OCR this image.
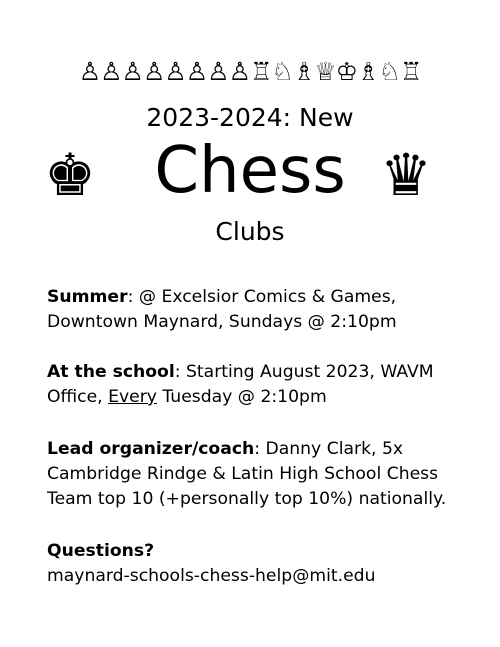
♙♙♙♙♙♙♙♙♖♘♗♕♔♗♘♖
2023-2024: New
♚ Chess ♛
Clubs

Summer: @ Excelsior Comics & Games, Downtown Maynard, Sundays @ 2:10pm

At the school: Starting August 2023, WAVM Office, Every Tuesday @ 2:10pm

Lead organizer/coach: Danny Clark, 5x Cambridge Rindge & Latin High School Chess Team top 10 (+personally top 10%) nationally.

Questions?
maynard-schools-chess-help@mit.edu
